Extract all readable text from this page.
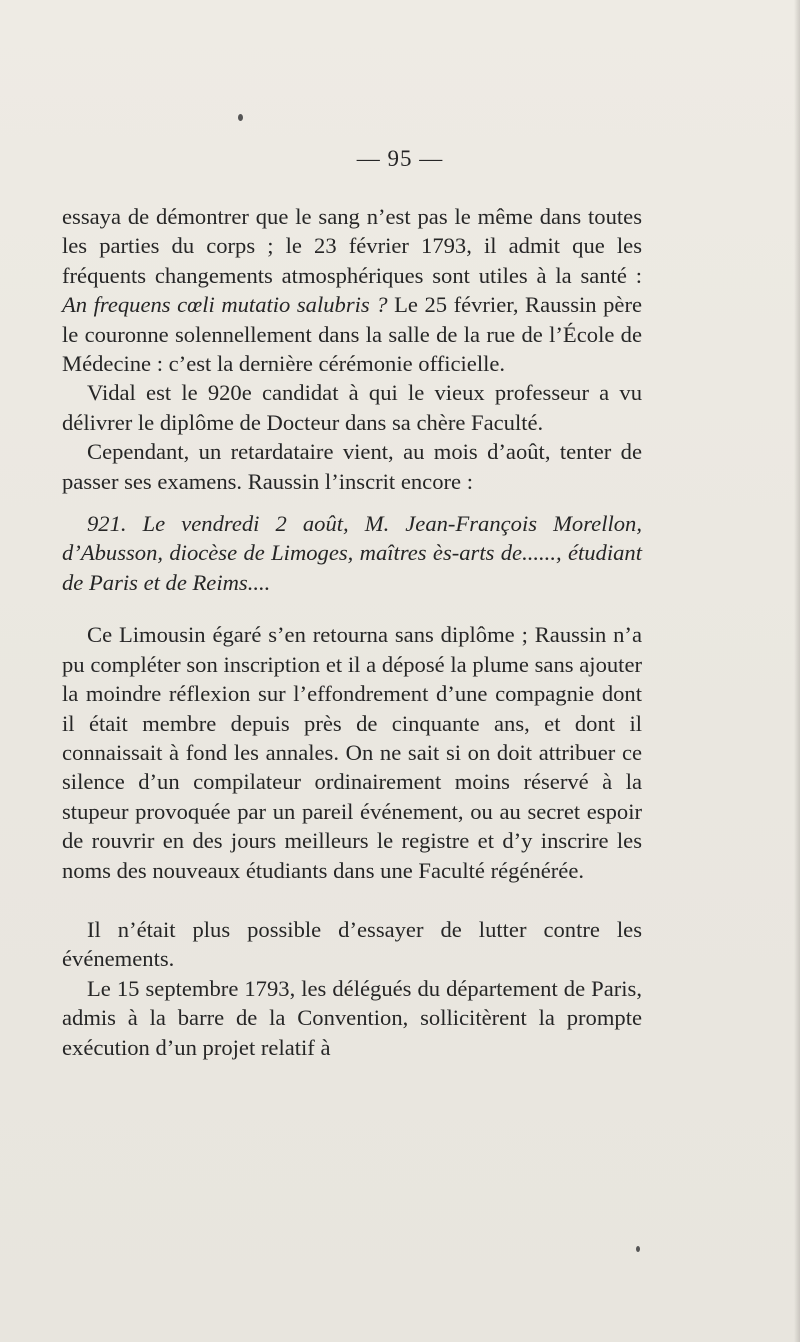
— 95 —

essaya de démontrer que le sang n’est pas le même dans toutes les parties du corps ; le 23 février 1793, il admit que les fréquents changements atmosphériques sont utiles à la santé : An frequens cœli mutatio salubris ? Le 25 février, Raussin père le couronne solennellement dans la salle de la rue de l’École de Médecine : c’est la dernière cérémonie officielle.

Vidal est le 920e candidat à qui le vieux professeur a vu délivrer le diplôme de Docteur dans sa chère Faculté.

Cependant, un retardataire vient, au mois d’août, tenter de passer ses examens. Raussin l’inscrit encore :

921. Le vendredi 2 août, M. Jean-François Morellon, d’Abusson, diocèse de Limoges, maîtres ès-arts de......, étudiant de Paris et de Reims....

Ce Limousin égaré s’en retourna sans diplôme ; Raussin n’a pu compléter son inscription et il a déposé la plume sans ajouter la moindre réflexion sur l’effondrement d’une compagnie dont il était membre depuis près de cinquante ans, et dont il connaissait à fond les annales. On ne sait si on doit attribuer ce silence d’un compilateur ordinairement moins réservé à la stupeur provoquée par un pareil événement, ou au secret espoir de rouvrir en des jours meilleurs le registre et d’y inscrire les noms des nouveaux étudiants dans une Faculté régénérée.

Il n’était plus possible d’essayer de lutter contre les événements.

Le 15 septembre 1793, les délégués du département de Paris, admis à la barre de la Convention, sollicitèrent la prompte exécution d’un projet relatif à
